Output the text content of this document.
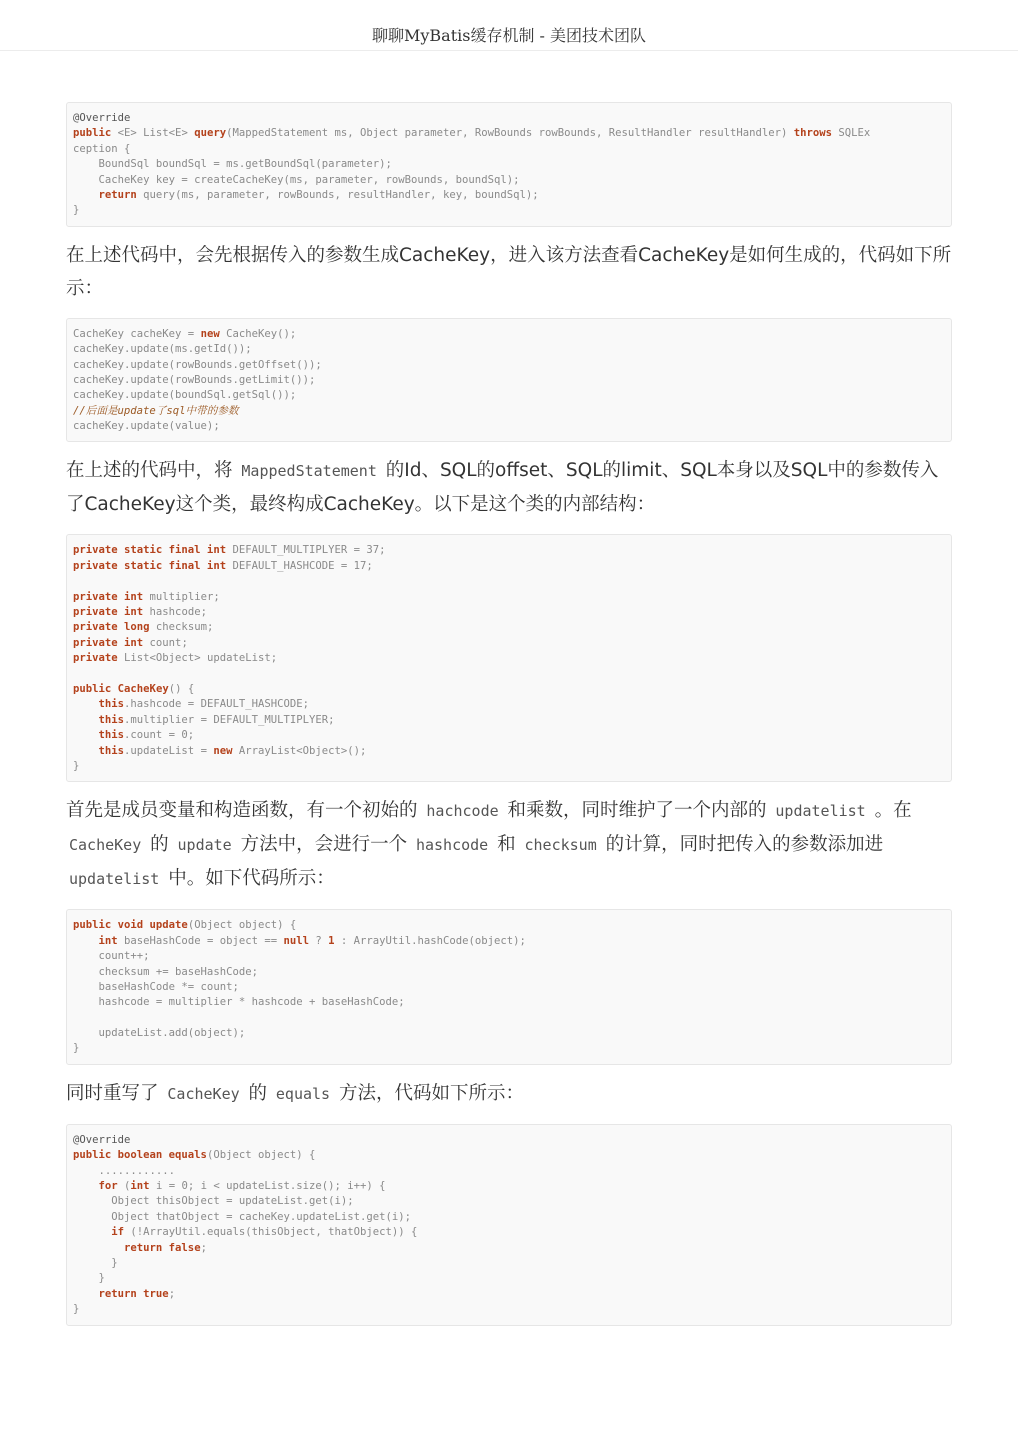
聊聊MyBatis缓存机制 - 美团技术团队
@Override
public <E> List<E> query(MappedStatement ms, Object parameter, RowBounds rowBounds, ResultHandler resultHandler) throws SQLEx
ception {
BoundSql boundSql = ms.getBoundSql(parameter);
CacheKey key = createCacheKey(ms, parameter, rowBounds, boundSql);
return query(ms, parameter, rowBounds, resultHandler, key, boundSql);
}

在上述代码中，会先根据传入的参数生成CacheKey，进入该方法查看CacheKey是如何生成的，代码如下所示：

CacheKey cacheKey = new CacheKey();
cacheKey.update(ms.getId());
cacheKey.update(rowBounds.getOffset());
cacheKey.update(rowBounds.getLimit());
cacheKey.update(boundSql.getSql());
//后面是update了sql中带的参数
cacheKey.update(value);

在上述的代码中，将 MappedStatement 的Id、SQL的offset、SQL的limit、SQL本身以及SQL中的参数传入了CacheKey这个类，最终构成CacheKey。以下是这个类的内部结构：

private static final int DEFAULT_MULTIPLYER = 37;
private static final int DEFAULT_HASHCODE = 17;
private int multiplier;
private int hashcode;
private long checksum;
private int count;
private List<Object> updateList;
public CacheKey() {
this.hashcode = DEFAULT_HASHCODE;
this.multiplier = DEFAULT_MULTIPLYER;
this.count = 0;
this.updateList = new ArrayList<Object>();
}

首先是成员变量和构造函数，有一个初始的 hachcode 和乘数，同时维护了一个内部的 updatelist 。在 CacheKey 的 update 方法中，会进行一个 hashcode 和 checksum 的计算，同时把传入的参数添加进 updatelist 中。如下代码所示：

public void update(Object object) {
int baseHashCode = object == null ? 1 : ArrayUtil.hashCode(object);
count++;
checksum += baseHashCode;
baseHashCode *= count;
hashcode = multiplier * hashcode + baseHashCode;
updateList.add(object);
}

同时重写了 CacheKey 的 equals 方法，代码如下所示：

@Override
public boolean equals(Object object) {
............
for (int i = 0; i < updateList.size(); i++) {
Object thisObject = updateList.get(i);
Object thatObject = cacheKey.updateList.get(i);
if (!ArrayUtil.equals(thisObject, thatObject)) {
return false;
}
}
return true;
}
